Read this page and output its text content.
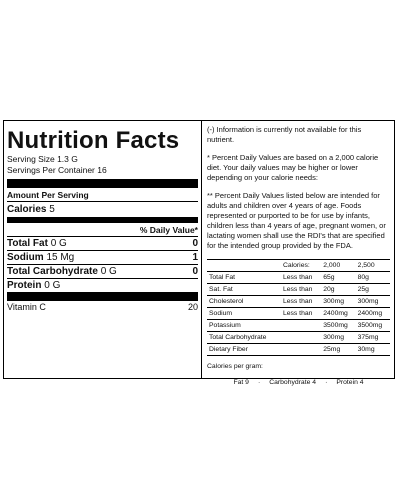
Nutrition Facts
Serving Size 1.3 G
Servings Per Container 16
Amount Per Serving
Calories 5
% Daily Value*
Total Fat 0 G	0
Sodium 15 Mg	1
Total Carbohydrate 0 G	0
Protein 0 G
Vitamin C	20

(-) Information is currently not available for this nutrient.

* Percent Daily Values are based on a 2,000 calorie diet. Your daily values may be higher or lower depending on your calorie needs:

** Percent Daily Values listed below are intended for adults and children over 4 years of age. Foods represented or purported to be for use by infants, children less than 4 years of age, pregnant women, or lactating women shall use the RDI's that are specified for the intended group provided by the FDA.

	Calories:	2,000	2,500
Total Fat	Less than	65g	80g
Sat. Fat	Less than	20g	25g
Cholesterol	Less than	300mg	300mg
Sodium	Less than	2400mg	2400mg
Potassium		3500mg	3500mg
Total Carbohydrate		300mg	375mg
Dietary Fiber		25mg	30mg
Calories per gram:
Fat 9 · Carbohydrate 4 · Protein 4
